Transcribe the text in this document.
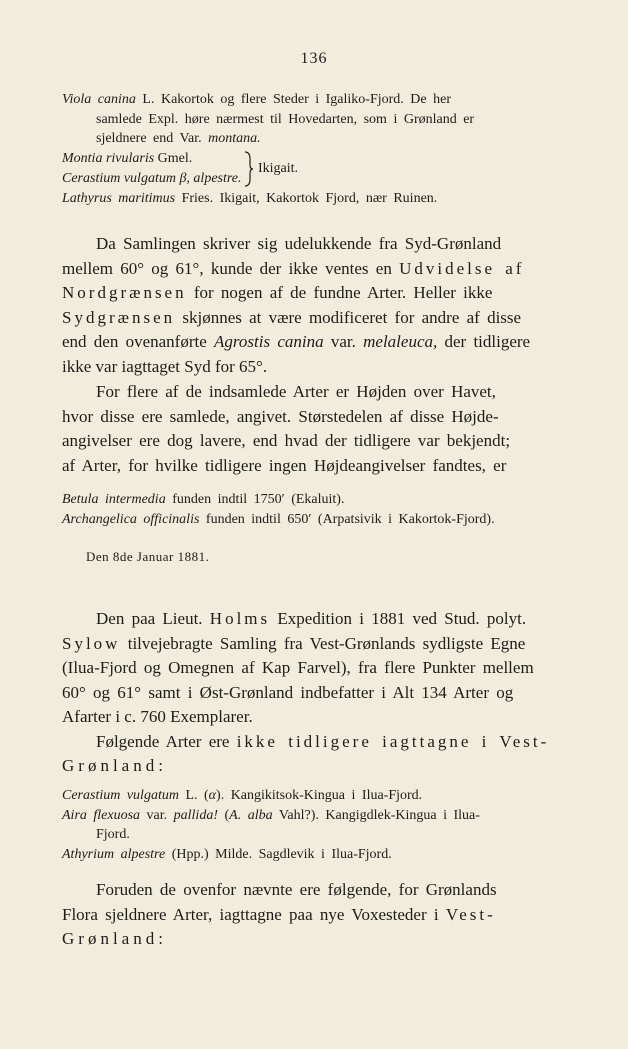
136
Viola canina L. Kakortok og flere Steder i Igaliko-Fjord. De her
samlede Expl. høre nærmest til Hovedarten, som i Grønland er
sjeldnere end Var. montana.
Montia rivularis Gmel.
Cerastium vulgatum β, alpestre.
Ikigait.
Lathyrus maritimus Fries. Ikigait, Kakortok Fjord, nær Ruinen.
Da Samlingen skriver sig udelukkende fra Syd-Grønland
mellem 60° og 61°, kunde der ikke ventes en Udvidelse af
Nordgrænsen for nogen af de fundne Arter. Heller ikke
Sydgrænsen skjønnes at være modificeret for andre af disse
end den ovenanførte Agrostis canina var. melaleuca, der tidligere
ikke var iagttaget Syd for 65°.
For flere af de indsamlede Arter er Højden over Havet,
hvor disse ere samlede, angivet. Størstedelen af disse Højde-
angivelser ere dog lavere, end hvad der tidligere var bekjendt;
af Arter, for hvilke tidligere ingen Højdeangivelser fandtes, er
Betula intermedia funden indtil 1750′ (Ekaluit).
Archangelica officinalis funden indtil 650′ (Arpatsivik i Kakortok-Fjord).
Den 8de Januar 1881.
Den paa Lieut. Holms Expedition i 1881 ved Stud. polyt.
Sylow tilvejebragte Samling fra Vest-Grønlands sydligste Egne
(Ilua-Fjord og Omegnen af Kap Farvel), fra flere Punkter mellem
60° og 61° samt i Øst-Grønland indbefatter i Alt 134 Arter og
Afarter i c. 760 Exemplarer.
Følgende Arter ere ikke tidligere iagttagne i Vest-
Grønland:
Cerastium vulgatum L. (α). Kangikitsok-Kingua i Ilua-Fjord.
Aira flexuosa var. pallida! (A. alba Vahl?). Kangigdlek-Kingua i Ilua-
Fjord.
Athyrium alpestre (Hpp.) Milde. Sagdlevik i Ilua-Fjord.
Foruden de ovenfor nævnte ere følgende, for Grønlands
Flora sjeldnere Arter, iagttagne paa nye Voxesteder i Vest-
Grønland:
